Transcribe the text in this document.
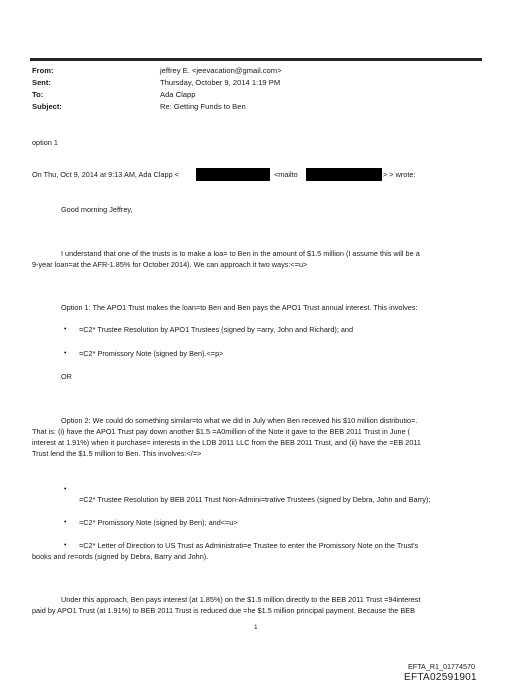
From:	jeffrey E. <jeevacation@gmail.com>
Sent:	Thursday, October 9, 2014 1:19 PM
To:	Ada Clapp
Subject:	Re: Getting Funds to Ben
option 1
On Thu, Oct 9, 2014 at 9:13 AM, Ada Clapp <	<mailto	> > wrote:
Good morning Jeffrey,
I understand that one of the trusts is to make a loa= to Ben in the amount of $1.5 million (I assume this will be a
9-year loan=at the AFR-1.85% for October 2014). We can approach it two ways:<=u>
Option 1: The APO1 Trust makes the loan=to Ben and Ben pays the APO1 Trust annual interest. This involves:
• =C2* Trustee Resolution by APO1 Trustees (signed by =arry, John and Richard); and
• =C2* Promissory Note (signed by Ben).<=p>
OR
Option 2: We could do something similar=to what we did in July when Ben received his $10 million distributio=.
That is: (i) have the APO1 Trust pay down another $1.5 =A0million of the Note it gave to the BEB 2011 Trust in June (
interest at 1.91%) when it purchase= interests in the LDB 2011 LLC from the BEB 2011 Trust, and (ii) have the =EB 2011
Trust lend the $1.5 million to Ben. This involves:</=>
•
=C2* Trustee Resolution by BEB 2011 Trust Non-Admini=trative Trustees (signed by Debra, John and Barry);
• =C2* Promissory Note (signed by Ben); and<=u>
• =C2* Letter of Direction to US Trust as Administrati=e Trustee to enter the Promissory Note on the Trust's
books and re=ords (signed by Debra, Barry and John).
Under this approach, Ben pays interest (at 1.85%) on the $1.5 million directly to the BEB 2011 Trust =94interest
paid by APO1 Trust (at 1.91%) to BEB 2011 Trust is reduced due =he $1.5 million principal payment. Because the BEB
1
EFTA_R1_01774570
EFTA02591901
